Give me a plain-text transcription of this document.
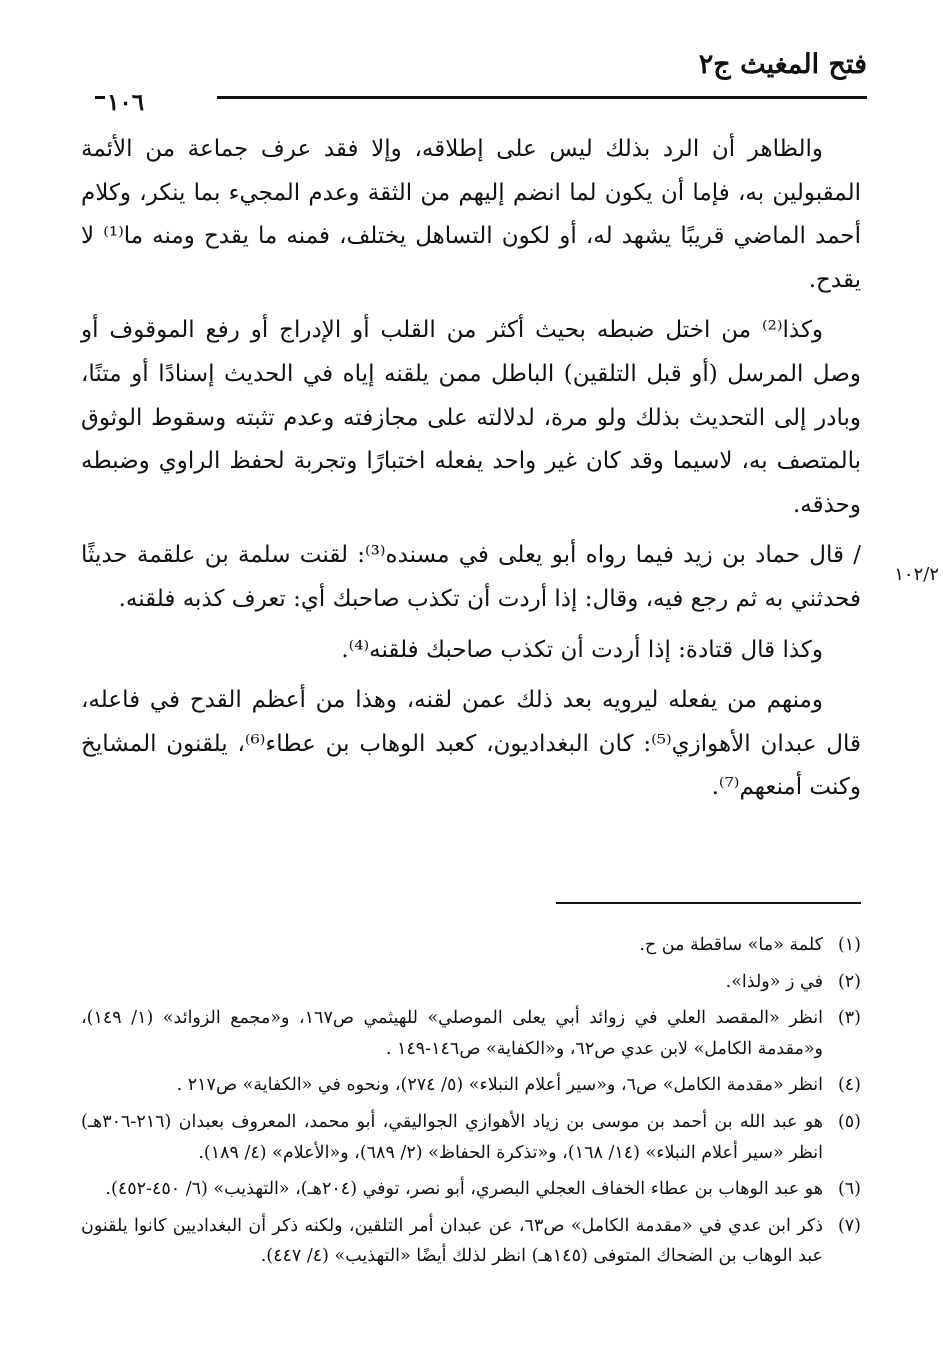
فتح المغيث ج٢
١٠٦
١٠٢/٢

والظاهر أن الرد بذلك ليس على إطلاقه، وإلا فقد عرف جماعة من الأئمة المقبولين به، فإما أن يكون لما انضم إليهم من الثقة وعدم المجيء بما ينكر، وكلام أحمد الماضي قريبًا يشهد له، أو لكون التساهل يختلف، فمنه ما يقدح ومنه ما⁽¹⁾ لا يقدح.

وكذا⁽²⁾ من اختل ضبطه بحيث أكثر من القلب أو الإدراج أو رفع الموقوف أو وصل المرسل (أو قبل التلقين) الباطل ممن يلقنه إياه في الحديث إسنادًا أو متنًا، وبادر إلى التحديث بذلك ولو مرة، لدلالته على مجازفته وعدم تثبته وسقوط الوثوق بالمتصف به، لاسيما وقد كان غير واحد يفعله اختبارًا وتجربة لحفظ الراوي وضبطه وحذقه.

/ قال حماد بن زيد فيما رواه أبو يعلى في مسنده⁽³⁾: لقنت سلمة بن علقمة حديثًا فحدثني به ثم رجع فيه، وقال: إذا أردت أن تكذب صاحبك أي: تعرف كذبه فلقنه.

وكذا قال قتادة: إذا أردت أن تكذب صاحبك فلقنه⁽⁴⁾.

ومنهم من يفعله ليرويه بعد ذلك عمن لقنه، وهذا من أعظم القدح في فاعله، قال عبدان الأهوازي⁽⁵⁾: كان البغداديون، كعبد الوهاب بن عطاء⁽⁶⁾، يلقنون المشايخ وكنت أمنعهم⁽⁷⁾.

(١)كلمة «ما» ساقطة من ح.

(٢)في ز «ولذا».

(٣)انظر «المقصد العلي في زوائد أبي يعلى الموصلي» للهيثمي ص١٦٧، و«مجمع الزوائد» (١/ ١٤٩)، و«مقدمة الكامل» لابن عدي ص٦٢، و«الكفاية» ص١٤٦-١٤٩ .

(٤)انظر «مقدمة الكامل» ص٦، و«سير أعلام النبلاء» (٥/ ٢٧٤)، ونحوه في «الكفاية» ص٢١٧ .

(٥)هو عبد الله بن أحمد بن موسى بن زياد الأهوازي الجواليقي، أبو محمد، المعروف بعبدان (٢١٦-٣٠٦هـ) انظر «سير أعلام النبلاء» (١٤/ ١٦٨)، و«تذكرة الحفاظ» (٢/ ٦٨٩)، و«الأعلام» (٤/ ١٨٩).

(٦)هو عبد الوهاب بن عطاء الخفاف العجلي البصري، أبو نصر، توفي (٢٠٤هـ)، «التهذيب» (٦/ ٤٥٠-٤٥٢).

(٧)ذكر ابن عدي في «مقدمة الكامل» ص٦٣، عن عبدان أمر التلقين، ولكنه ذكر أن البغداديين كانوا يلقنون عبد الوهاب بن الضحاك المتوفى (١٤٥هـ) انظر لذلك أيضًا «التهذيب» (٤/ ٤٤٧).
